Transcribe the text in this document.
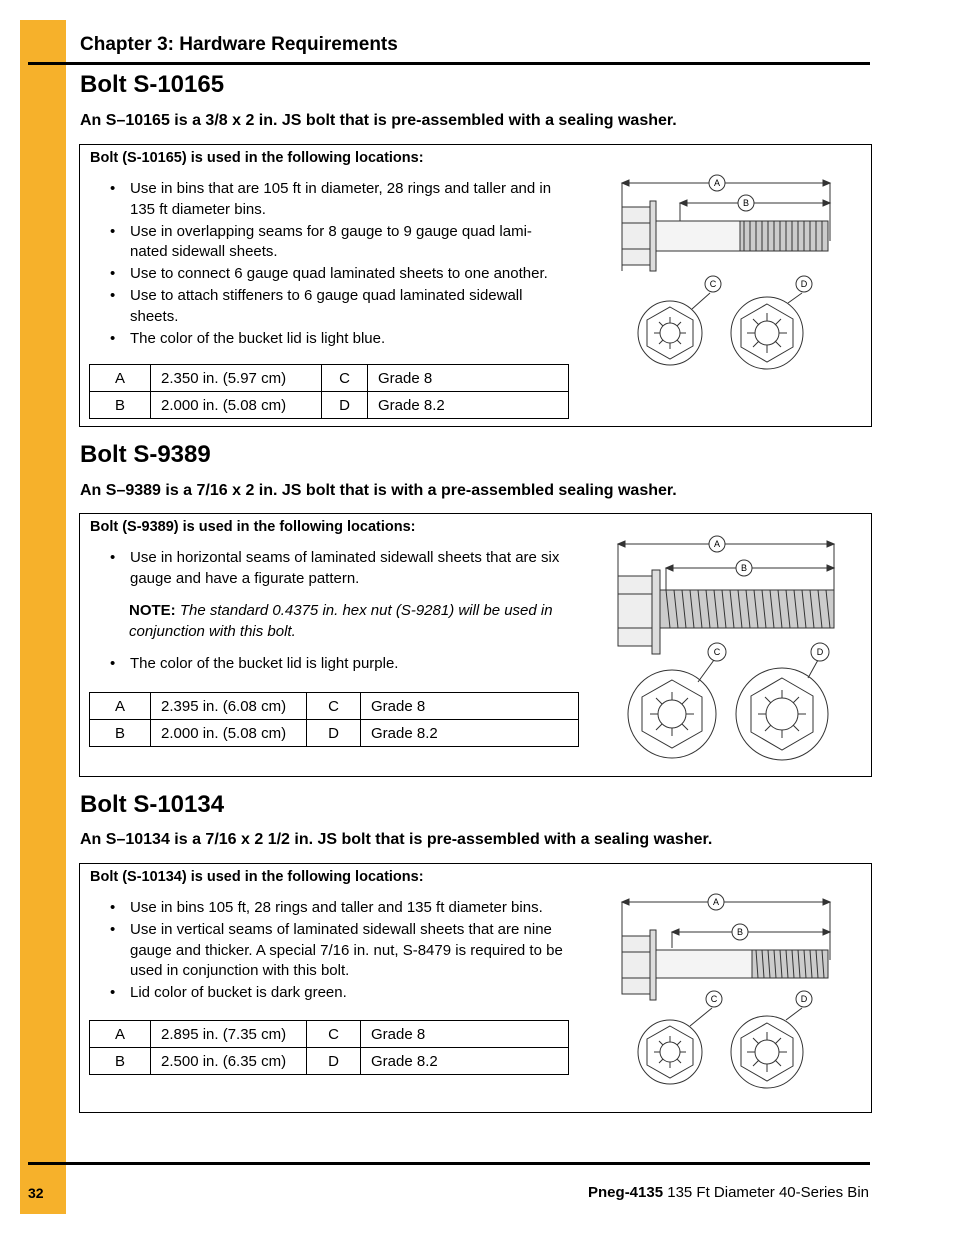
Chapter 3: Hardware Requirements
Bolt S-10165
An S–10165 is a 3/8 x 2 in. JS bolt that is pre-assembled with a sealing washer.
Bolt (S-10165) is used in the following locations:
• Use in bins that are 105 ft in diameter, 28 rings and taller and in 135 ft diameter bins.
• Use in overlapping seams for 8 gauge to 9 gauge quad lami-nated sidewall sheets.
• Use to connect 6 gauge quad laminated sheets to one another.
• Use to attach stiffeners to 6 gauge quad laminated sidewall sheets.
• The color of the bucket lid is light blue.
A	2.350 in. (5.97 cm)	C	Grade 8
B	2.000 in. (5.08 cm)	D	Grade 8.2
A
B
C	D
Bolt S-9389
An S–9389 is a 7/16 x 2 in. JS bolt that is with a pre-assembled sealing washer.
Bolt (S-9389) is used in the following locations:
• Use in horizontal seams of laminated sidewall sheets that are six gauge and have a figurate pattern.
NOTE: The standard 0.4375 in. hex nut (S-9281) will be used in conjunction with this bolt.
• The color of the bucket lid is light purple.
A	2.395 in. (6.08 cm)	C	Grade 8
B	2.000 in. (5.08 cm)	D	Grade 8.2
A
B
C	D
Bolt S-10134
An S–10134 is a 7/16 x 2 1/2 in. JS bolt that is pre-assembled with a sealing washer.
Bolt (S-10134) is used in the following locations:
• Use in bins 105 ft, 28 rings and taller and 135 ft diameter bins.
• Use in vertical seams of laminated sidewall sheets that are nine gauge and thicker. A special 7/16 in. nut, S-8479 is required to be used in conjunction with this bolt.
• Lid color of bucket is dark green.
A	2.895 in. (7.35 cm)	C	Grade 8
B	2.500 in. (6.35 cm)	D	Grade 8.2
A
B
C	D
32	Pneg-4135 135 Ft Diameter 40-Series Bin
